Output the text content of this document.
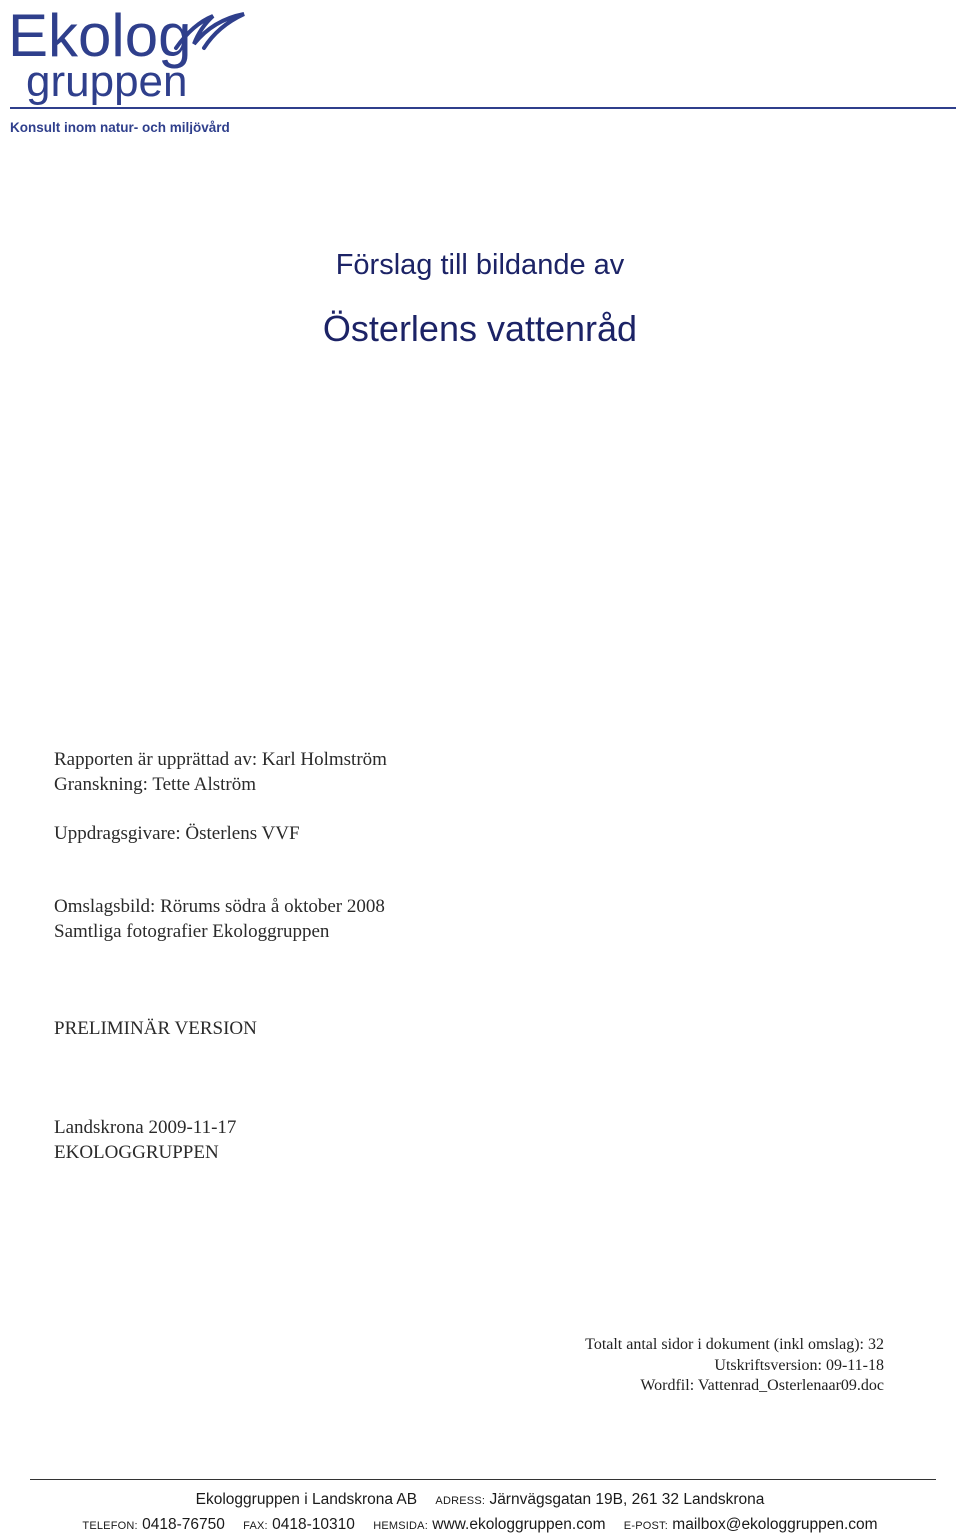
Ekolog
gruppen
Konsult inom natur- och miljövård
Förslag till bildande av
Österlens vattenråd
Rapporten är upprättad av: Karl Holmström
Granskning: Tette Alström
Uppdragsgivare: Österlens VVF
Omslagsbild: Rörums södra å oktober 2008
Samtliga fotografier Ekologgruppen
PRELIMINÄR VERSION
Landskrona 2009-11-17
EKOLOGGRUPPEN
Totalt antal sidor i dokument (inkl omslag): 32
Utskriftsversion: 09-11-18
Wordfil: Vattenrad_Osterlenaar09.doc
Ekologgruppen i Landskrona AB ADRESS: Järnvägsgatan 19B, 261 32 Landskrona
TELEFON: 0418-76750 FAX: 0418-10310 HEMSIDA: www.ekologgruppen.com E-POST: mailbox@ekologgruppen.com
